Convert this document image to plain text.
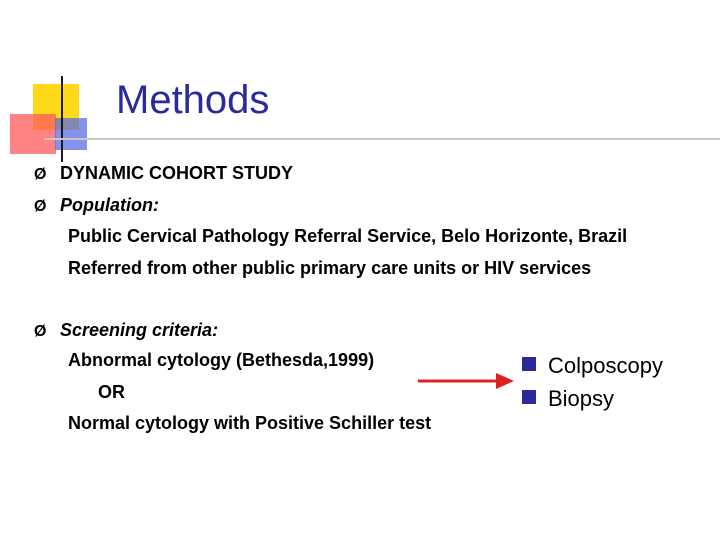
Methods
Ø DYNAMIC COHORT STUDY
Ø Population:
Public Cervical Pathology Referral Service, Belo Horizonte, Brazil
Referred from other public primary care units or HIV services
Ø Screening criteria:
Abnormal cytology (Bethesda,1999)
OR
Normal cytology with Positive Schiller test
Colposcopy
Biopsy
